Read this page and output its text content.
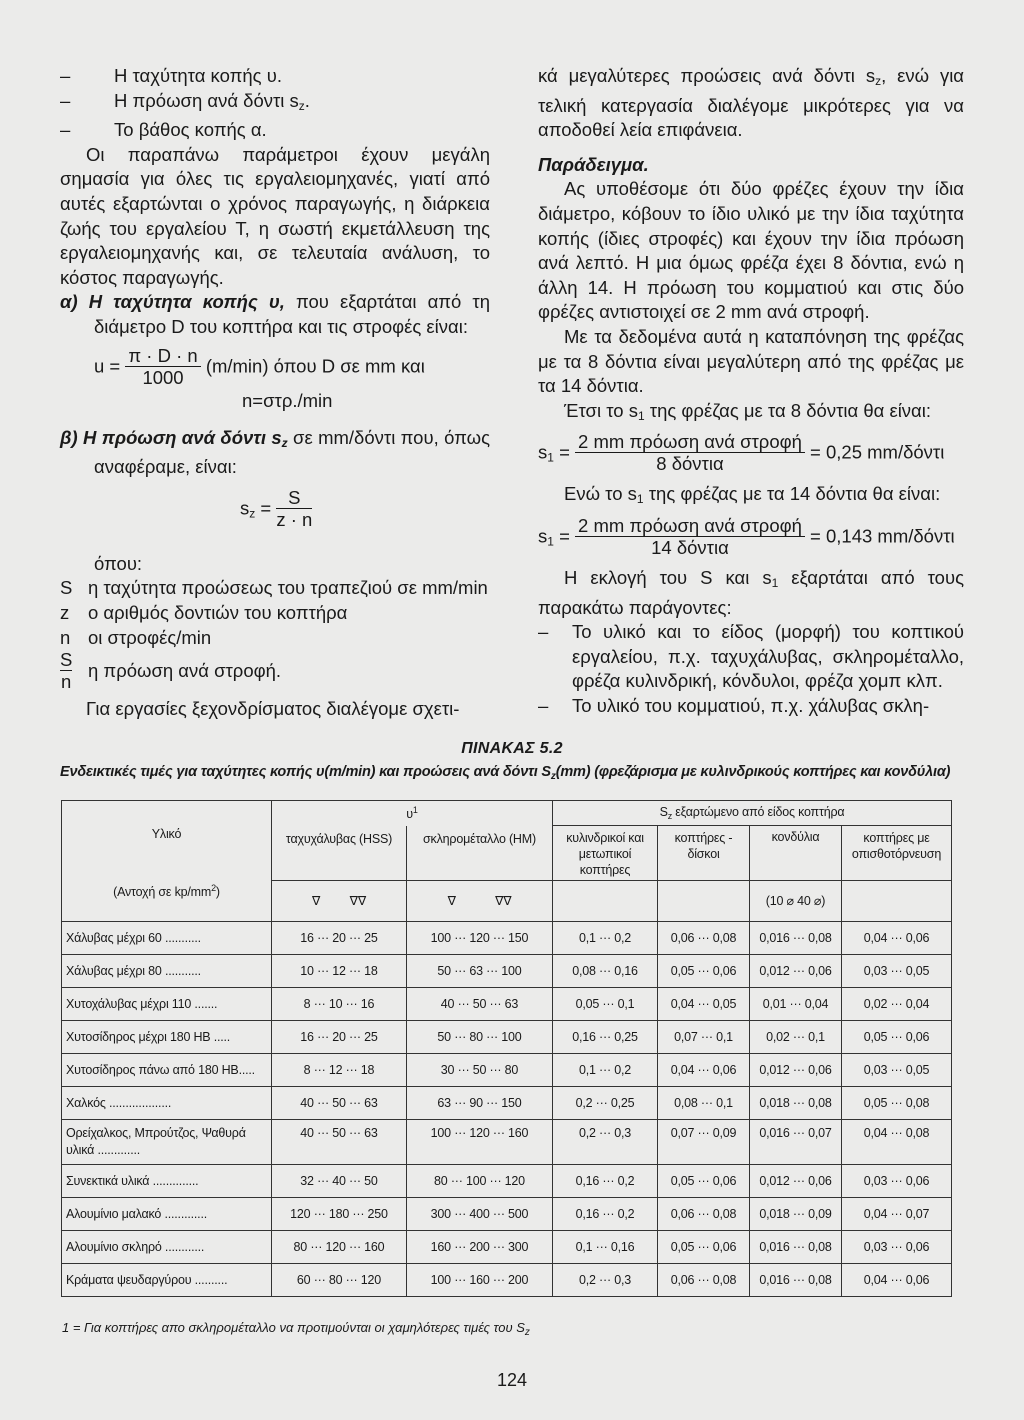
– Η ταχύτητα κοπής υ.

– Η πρόωση ανά δόντι $s_z$.

– Το βάθος κοπής α.

Οι παραπάνω παράμετροι έχουν μεγάλη σημασία για όλες τις εργαλειομηχανές, γιατί από αυτές εξαρτώνται ο χρόνος παραγωγής, η διάρκεια ζωής του εργαλείου Τ, η σωστή εκμετάλλευση της εργαλειομηχανής και, σε τελευταία ανάλυση, το κόστος παραγωγής.

α) Η ταχύτητα κοπής υ, που εξαρτάται από τη διάμετρο D του κοπτήρα και τις στροφές είναι:

$u = \frac{\pi \cdot D \cdot n}{1000} (m/\min)$ όπου D σε mm και
n=στρ./min

β) Η πρόωση ανά δόντι $s_z$ σε mm/δόντι που, όπως αναφέραμε, είναι:

$s_z = \frac{S}{z \cdot n}$

όπου:

S η ταχύτητα προώσεως του τραπεζιού σε mm/min
z	ο αριθμός δοντιών του κοπτήρα
n οι στροφές/min
$\frac{S}{n}$ η πρόωση ανά στροφή.

Για εργασίες ξεχονδρίσματος διαλέγομε σχετι-

κά μεγαλύτερες προώσεις ανά δόντι $s_z$, ενώ για τελική κατεργασία διαλέγομε μικρότερες για να αποδοθεί λεία επιφάνεια.

Παράδειγμα.

Ας υποθέσομε ότι δύο φρέζες έχουν την ίδια διάμετρο, κόβουν το ίδιο υλικό με την ίδια ταχύτητα κοπής (ίδιες στροφές) και έχουν την ίδια πρόωση ανά λεπτό. Η μια όμως φρέζα έχει 8 δόντια, ενώ η άλλη 14. Η πρόωση του κομματιού και στις δύο φρέζες αντιστοιχεί σε 2 mm ανά στροφή.

Με τα δεδομένα αυτά η καταπόνηση της φρέζας με τα 8 δόντια είναι μεγαλύτερη από της φρέζας με τα 14 δόντια.

Έτσι το $s_1$ της φρέζας με τα 8 δόντια θα είναι:

$s_1 = 2$ mm πρόωση ανά στροφή
8 δόντια
= 0,25 mm/δόντι

Ενώ το $s_1$ της φρέζας με τα 14 δόντια θα είναι:

$s_1 = 2$ mm πρόωση ανά στροφή
14 δόντια
= 0,143 mm/δόντι

Η εκλογή του S και $s_1$ εξαρτάται από τους παρακάτω παράγοντες:

– Το υλικό και το είδος (μορφή) του κοπτικού εργαλείου, π.χ. ταχυχάλυβας, σκληρομέταλλο, φρέζα κυλινδρική, κόνδυλοι, φρέζα χομπ κλπ.

– Το υλικό του κομματιού, π.χ. χάλυβας σκλη-

ΠΙΝΑΚΑΣ 5.2
Ενδεικτικές τιμές για ταχύτητες κοπής υ(m/min) και προώσεις ανά δόντι $S_z(mm)$ (φρεζάρισμα με κυλινδρικούς κοπτήρες και κονδύλια)
Υλικό
(Αντοχή σε $kp/mm^2$)	$\upsilon^1$		$S_z$ εξαρτώμενο από είδος κοπτήρα			
	ταχυχάλυβας (HSS)	σκληρομέταλλο (HM)	κυλινδρικοί και μετωπικοί κοπτήρες	κοπτήρες - δίσκοι	κονδύλια	κοπτήρες με οπισθοτόρνευση
	∇ ∇∇	∇ ∇∇			(10 ⌀ 40 ⌀)	
Χάλυβας μέχρι 60 ...........	16 ··· 20 ··· 25	100 ··· 120 ··· 150	0,1 ··· 0,2	0,06 ··· 0,08	0,016 ··· 0,08	0,04 ··· 0,06
Χάλυβας μέχρι 80 ...........	10 ··· 12 ··· 18	50 ··· 63 ··· 100	0,08 ··· 0,16	0,05 ··· 0,06	0,012 ··· 0,06	0,03 ··· 0,05
Χυτοχάλυβας μέχρι 110 .......	8 ··· 10 ··· 16	40 ··· 50 ··· 63	0,05 ··· 0,1	0,04 ··· 0,05	0,01 ··· 0,04	0,02 ··· 0,04
Χυτοσίδηρος μέχρι 180 HB .....	16 ··· 20 ··· 25	50 ··· 80 ··· 100	0,16 ··· 0,25	0,07 ··· 0,1	0,02 ··· 0,1	0,05 ··· 0,06
Χυτοσίδηρος πάνω από 180 HB.....	8 ··· 12 ··· 18	30 ··· 50 ··· 80	0,1 ··· 0,2	0,04 ··· 0,06	0,012 ··· 0,06	0,03 ··· 0,05
Χαλκός ...................	40 ··· 50 ··· 63	63 ··· 90 ··· 150	0,2 ··· 0,25	0,08 ··· 0,1	0,018 ··· 0,08	0,05 ··· 0,08
Ορείχαλκος, Μπρούτζος, Ψαθυρά υλικά .............	40 ··· 50 ··· 63	100 ··· 120 ··· 160	0,2 ··· 0,3	0,07 ··· 0,09	0,016 ··· 0,07	0,04 ··· 0,08
Συνεκτικά υλικά ..............	32 ··· 40 ··· 50	80 ··· 100 ··· 120	0,16 ··· 0,2	0,05 ··· 0,06	0,012 ··· 0,06	0,03 ··· 0,06
Αλουμίνιο μαλακό .............	120 ··· 180 ··· 250	300 ··· 400 ··· 500	0,16 ··· 0,2	0,06 ··· 0,08	0,018 ··· 0,09	0,04 ··· 0,07
Αλουμίνιο σκληρό ............	80 ··· 120 ··· 160	160 ··· 200 ··· 300	0,1 ··· 0,16	0,05 ··· 0,06	0,016 ··· 0,08	0,03 ··· 0,06
Κράματα ψευδαργύρου ..........	60 ··· 80 ··· 120	100 ··· 160 ··· 200	0,2 ··· 0,3	0,06 ··· 0,08	0,016 ··· 0,08	0,04 ··· 0,06
1 = Για κοπτήρες απο σκληρομέταλλο να προτιμούνται οι χαμηλότερες τιμές του $S_z$
124
